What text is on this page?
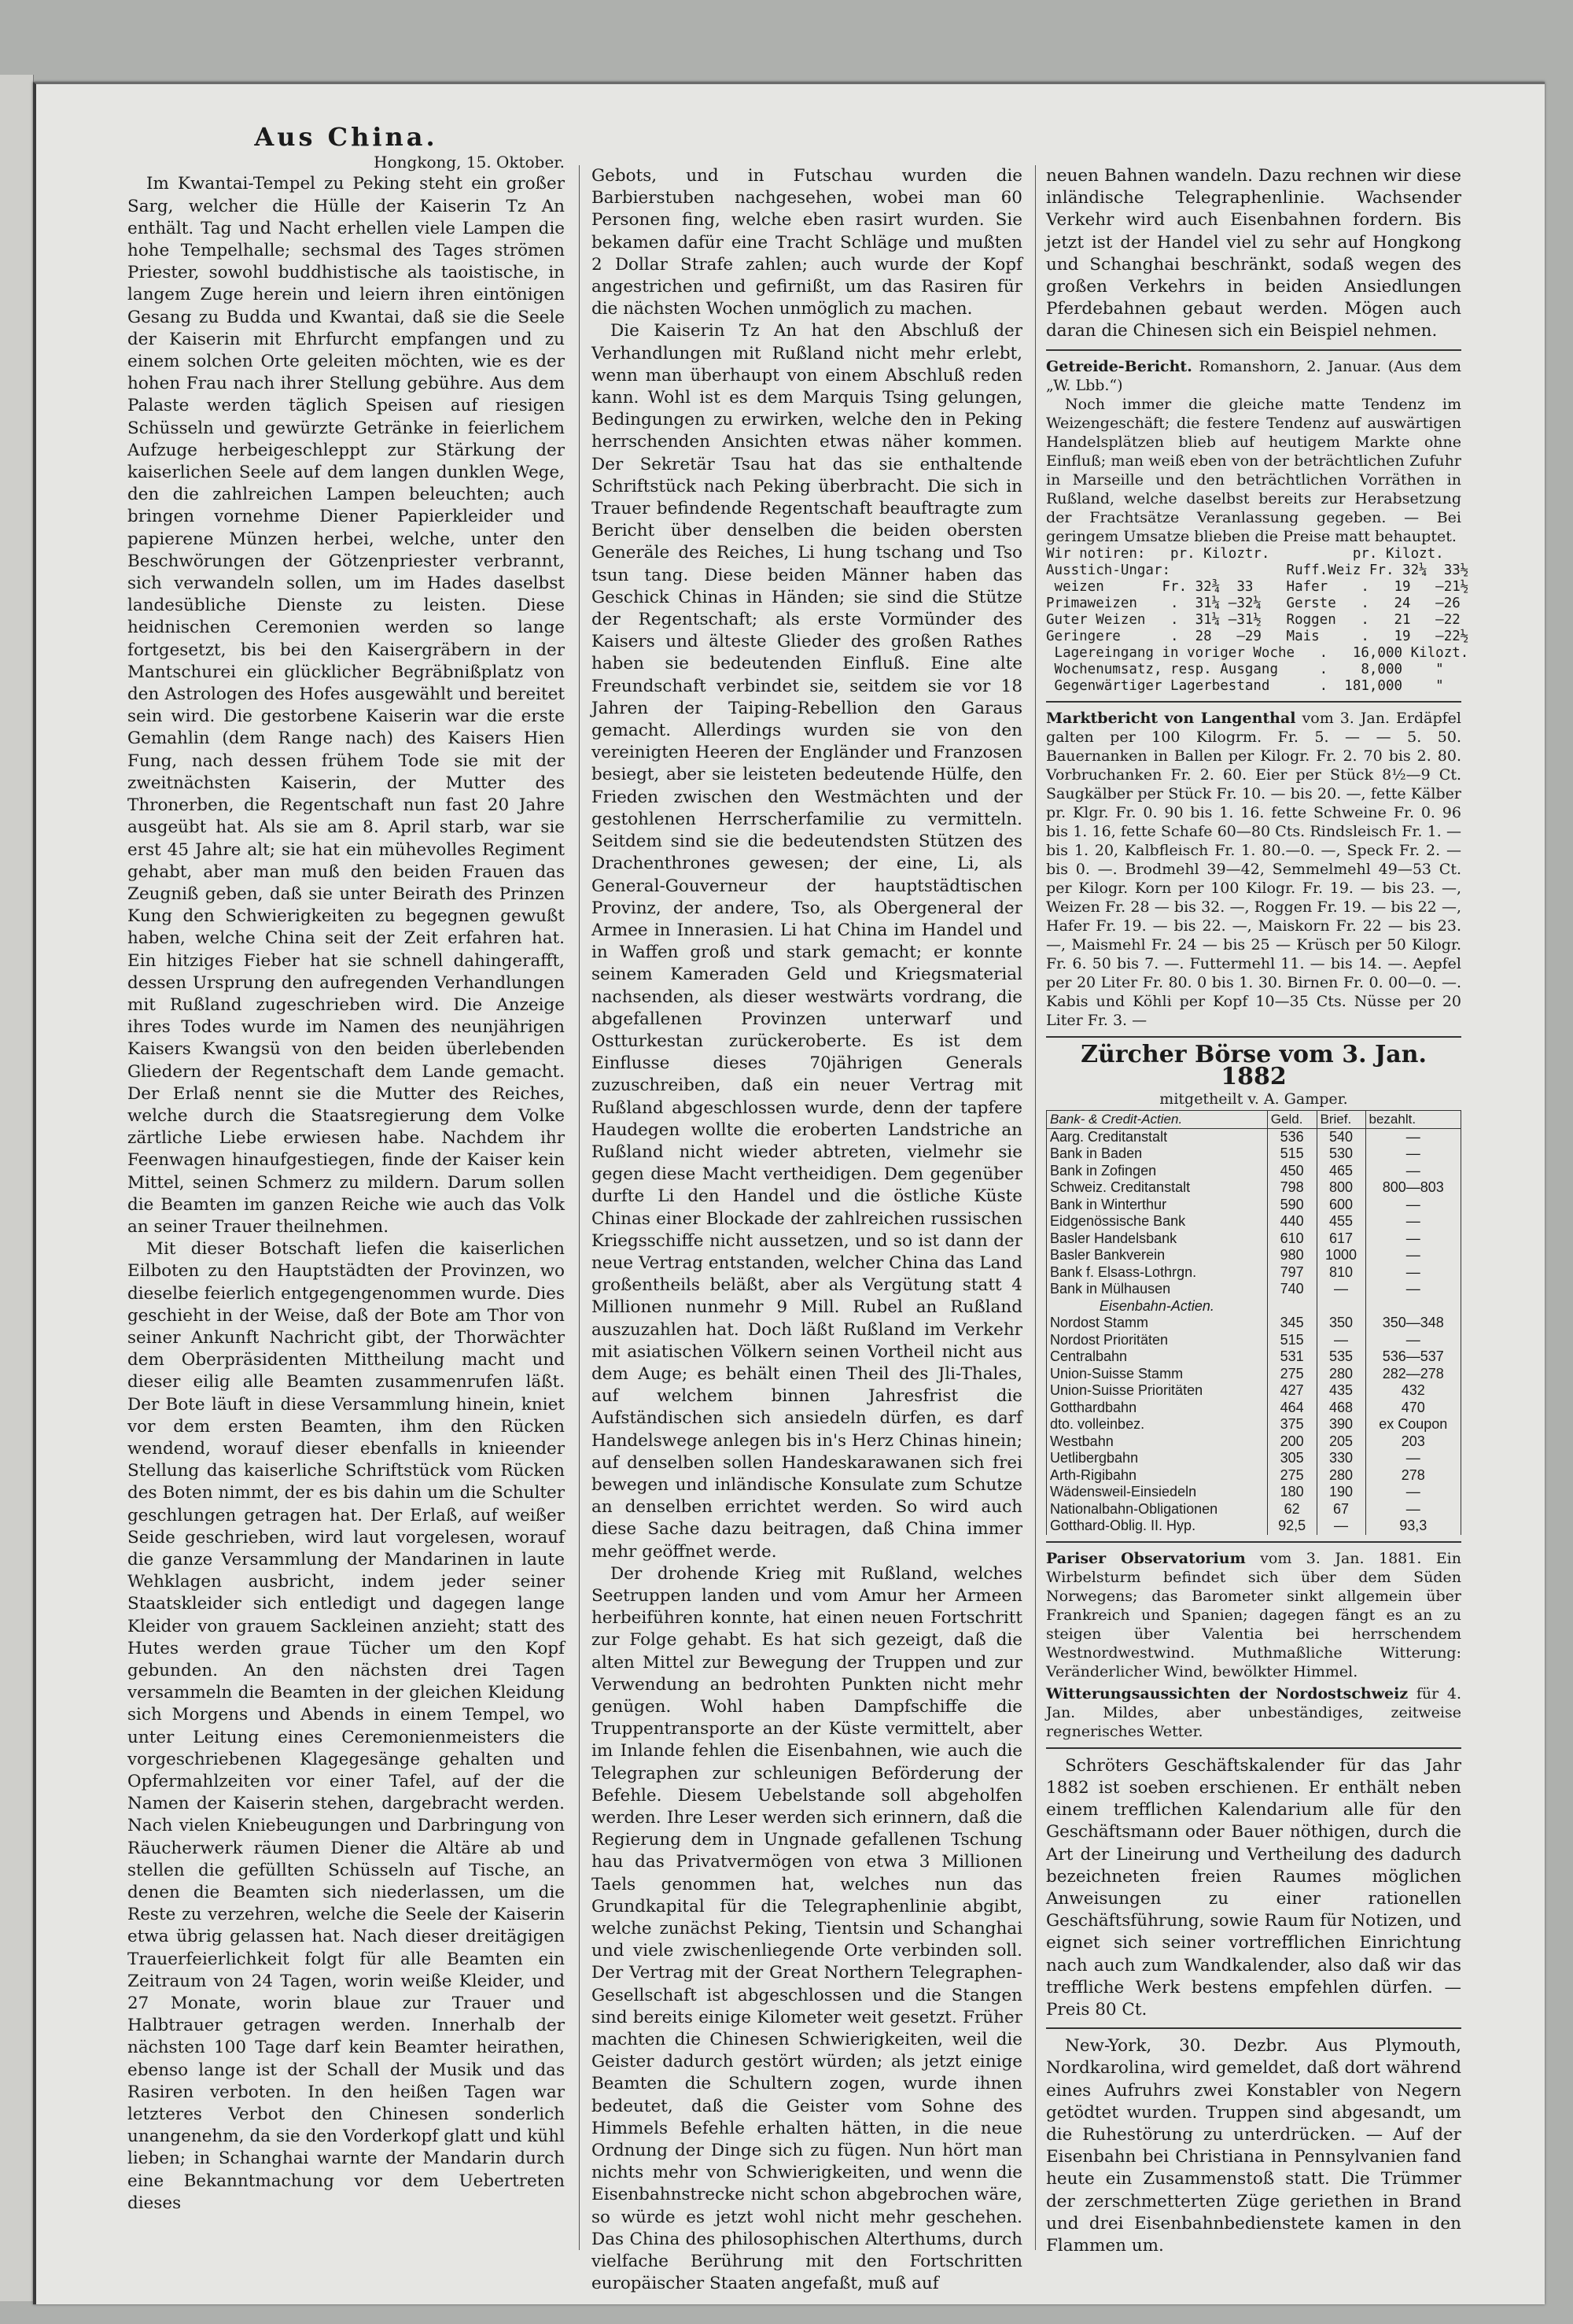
Aus China.
Hongkong, 15. Oktober.

Im Kwantai-Tempel zu Peking steht ein großer Sarg, welcher die Hülle der Kaiserin Tz An enthält. Tag und Nacht erhellen viele Lampen die hohe Tempelhalle; sechsmal des Tages strömen Priester, sowohl buddhistische als taoistische, in langem Zuge herein und leiern ihren eintönigen Gesang zu Budda und Kwantai, daß sie die Seele der Kaiserin mit Ehrfurcht empfangen und zu einem solchen Orte geleiten möchten, wie es der hohen Frau nach ihrer Stellung gebühre. Aus dem Palaste werden täglich Speisen auf riesigen Schüsseln und gewürzte Getränke in feierlichem Aufzuge herbeigeschleppt zur Stärkung der kaiserlichen Seele auf dem langen dunklen Wege, den die zahlreichen Lampen beleuchten; auch bringen vornehme Diener Papierkleider und papierene Münzen herbei, welche, unter den Beschwörungen der Götzenpriester verbrannt, sich verwandeln sollen, um im Hades daselbst landesübliche Dienste zu leisten. Diese heidnischen Ceremonien werden so lange fortgesetzt, bis bei den Kaisergräbern in der Mantschurei ein glücklicher Begräbnißplatz von den Astrologen des Hofes ausgewählt und bereitet sein wird. Die gestorbene Kaiserin war die erste Gemahlin (dem Range nach) des Kaisers Hien Fung, nach dessen frühem Tode sie mit der zweitnächsten Kaiserin, der Mutter des Thronerben, die Regentschaft nun fast 20 Jahre ausgeübt hat. Als sie am 8. April starb, war sie erst 45 Jahre alt; sie hat ein mühevolles Regiment gehabt, aber man muß den beiden Frauen das Zeugniß geben, daß sie unter Beirath des Prinzen Kung den Schwierigkeiten zu begegnen gewußt haben, welche China seit der Zeit erfahren hat. Ein hitziges Fieber hat sie schnell dahingerafft, dessen Ursprung den aufregenden Verhandlungen mit Rußland zugeschrieben wird. Die Anzeige ihres Todes wurde im Namen des neunjährigen Kaisers Kwangsü von den beiden überlebenden Gliedern der Regentschaft dem Lande gemacht. Der Erlaß nennt sie die Mutter des Reiches, welche durch die Staatsregierung dem Volke zärtliche Liebe erwiesen habe. Nachdem ihr Feenwagen hinaufgestiegen, finde der Kaiser kein Mittel, seinen Schmerz zu mildern. Darum sollen die Beamten im ganzen Reiche wie auch das Volk an seiner Trauer theilnehmen.

Mit dieser Botschaft liefen die kaiserlichen Eilboten zu den Hauptstädten der Provinzen, wo dieselbe feierlich entgegengenommen wurde. Dies geschieht in der Weise, daß der Bote am Thor von seiner Ankunft Nachricht gibt, der Thorwächter dem Oberpräsidenten Mittheilung macht und dieser eilig alle Beamten zusammenrufen läßt. Der Bote läuft in diese Versammlung hinein, kniet vor dem ersten Beamten, ihm den Rücken wendend, worauf dieser ebenfalls in knieender Stellung das kaiserliche Schriftstück vom Rücken des Boten nimmt, der es bis dahin um die Schulter geschlungen getragen hat. Der Erlaß, auf weißer Seide geschrieben, wird laut vorgelesen, worauf die ganze Versammlung der Mandarinen in laute Wehklagen ausbricht, indem jeder seiner Staatskleider sich entledigt und dagegen lange Kleider von grauem Sackleinen anzieht; statt des Hutes werden graue Tücher um den Kopf gebunden. An den nächsten drei Tagen versammeln die Beamten in der gleichen Kleidung sich Morgens und Abends in einem Tempel, wo unter Leitung eines Ceremonienmeisters die vorgeschriebenen Klagegesänge gehalten und Opfermahlzeiten vor einer Tafel, auf der die Namen der Kaiserin stehen, dargebracht werden. Nach vielen Kniebeugungen und Darbringung von Räucherwerk räumen Diener die Altäre ab und stellen die gefüllten Schüsseln auf Tische, an denen die Beamten sich niederlassen, um die Reste zu verzehren, welche die Seele der Kaiserin etwa übrig gelassen hat. Nach dieser dreitägigen Trauerfeierlichkeit folgt für alle Beamten ein Zeitraum von 24 Tagen, worin weiße Kleider, und 27 Monate, worin blaue zur Trauer und Halbtrauer getragen werden. Innerhalb der nächsten 100 Tage darf kein Beamter heirathen, ebenso lange ist der Schall der Musik und das Rasiren verboten. In den heißen Tagen war letzteres Verbot den Chinesen sonderlich unangenehm, da sie den Vorderkopf glatt und kühl lieben; in Schanghai warnte der Mandarin durch eine Bekanntmachung vor dem Uebertreten dieses

Gebots, und in Futschau wurden die Barbierstuben nachgesehen, wobei man 60 Personen fing, welche eben rasirt wurden. Sie bekamen dafür eine Tracht Schläge und mußten 2 Dollar Strafe zahlen; auch wurde der Kopf angestrichen und gefirnißt, um das Rasiren für die nächsten Wochen unmöglich zu machen.

Die Kaiserin Tz An hat den Abschluß der Verhandlungen mit Rußland nicht mehr erlebt, wenn man überhaupt von einem Abschluß reden kann. Wohl ist es dem Marquis Tsing gelungen, Bedingungen zu erwirken, welche den in Peking herrschenden Ansichten etwas näher kommen. Der Sekretär Tsau hat das sie enthaltende Schriftstück nach Peking überbracht. Die sich in Trauer befindende Regentschaft beauftragte zum Bericht über denselben die beiden obersten Generäle des Reiches, Li hung tschang und Tso tsun tang. Diese beiden Männer haben das Geschick Chinas in Händen; sie sind die Stütze der Regentschaft; als erste Vormünder des Kaisers und älteste Glieder des großen Rathes haben sie bedeutenden Einfluß. Eine alte Freundschaft verbindet sie, seitdem sie vor 18 Jahren der Taiping-Rebellion den Garaus gemacht. Allerdings wurden sie von den vereinigten Heeren der Engländer und Franzosen besiegt, aber sie leisteten bedeutende Hülfe, den Frieden zwischen den Westmächten und der gestohlenen Herrscherfamilie zu vermitteln. Seitdem sind sie die bedeutendsten Stützen des Drachenthrones gewesen; der eine, Li, als General-Gouverneur der hauptstädtischen Provinz, der andere, Tso, als Obergeneral der Armee in Innerasien. Li hat China im Handel und in Waffen groß und stark gemacht; er konnte seinem Kameraden Geld und Kriegsmaterial nachsenden, als dieser westwärts vordrang, die abgefallenen Provinzen unterwarf und Ostturkestan zurückeroberte. Es ist dem Einflusse dieses 70jährigen Generals zuzuschreiben, daß ein neuer Vertrag mit Rußland abgeschlossen wurde, denn der tapfere Haudegen wollte die eroberten Landstriche an Rußland nicht wieder abtreten, vielmehr sie gegen diese Macht vertheidigen. Dem gegenüber durfte Li den Handel und die östliche Küste Chinas einer Blockade der zahlreichen russischen Kriegsschiffe nicht aussetzen, und so ist dann der neue Vertrag entstanden, welcher China das Land großentheils beläßt, aber als Vergütung statt 4 Millionen nunmehr 9 Mill. Rubel an Rußland auszuzahlen hat. Doch läßt Rußland im Verkehr mit asiatischen Völkern seinen Vortheil nicht aus dem Auge; es behält einen Theil des Jli-Thales, auf welchem binnen Jahresfrist die Aufständischen sich ansiedeln dürfen, es darf Handelswege anlegen bis in's Herz Chinas hinein; auf denselben sollen Handeskarawanen sich frei bewegen und inländische Konsulate zum Schutze an denselben errichtet werden. So wird auch diese Sache dazu beitragen, daß China immer mehr geöffnet werde.

Der drohende Krieg mit Rußland, welches Seetruppen landen und vom Amur her Armeen herbeiführen konnte, hat einen neuen Fortschritt zur Folge gehabt. Es hat sich gezeigt, daß die alten Mittel zur Bewegung der Truppen und zur Verwendung an bedrohten Punkten nicht mehr genügen. Wohl haben Dampfschiffe die Truppentransporte an der Küste vermittelt, aber im Inlande fehlen die Eisenbahnen, wie auch die Telegraphen zur schleunigen Beförderung der Befehle. Diesem Uebelstande soll abgeholfen werden. Ihre Leser werden sich erinnern, daß die Regierung dem in Ungnade gefallenen Tschung hau das Privatvermögen von etwa 3 Millionen Taels genommen hat, welches nun das Grundkapital für die Telegraphenlinie abgibt, welche zunächst Peking, Tientsin und Schanghai und viele zwischenliegende Orte verbinden soll. Der Vertrag mit der Great Northern Telegraphen-Gesellschaft ist abgeschlossen und die Stangen sind bereits einige Kilometer weit gesetzt. Früher machten die Chinesen Schwierigkeiten, weil die Geister dadurch gestört würden; als jetzt einige Beamten die Schultern zogen, wurde ihnen bedeutet, daß die Geister vom Sohne des Himmels Befehle erhalten hätten, in die neue Ordnung der Dinge sich zu fügen. Nun hört man nichts mehr von Schwierigkeiten, und wenn die Eisenbahnstrecke nicht schon abgebrochen wäre, so würde es jetzt wohl nicht mehr geschehen. Das China des philosophischen Alterthums, durch vielfache Berührung mit den Fortschritten europäischer Staaten angefaßt, muß auf

neuen Bahnen wandeln. Dazu rechnen wir diese inländische Telegraphenlinie. Wachsender Verkehr wird auch Eisenbahnen fordern. Bis jetzt ist der Handel viel zu sehr auf Hongkong und Schanghai beschränkt, sodaß wegen des großen Verkehrs in beiden Ansiedlungen Pferdebahnen gebaut werden. Mögen auch daran die Chinesen sich ein Beispiel nehmen.

Getreide-Bericht. Romanshorn, 2. Januar. (Aus dem „W. Lbb.“)

Noch immer die gleiche matte Tendenz im Weizengeschäft; die festere Tendenz auf auswärtigen Handelsplätzen blieb auf heutigem Markte ohne Einfluß; man weiß eben von der beträchtlichen Zufuhr in Marseille und den beträchtlichen Vorräthen in Rußland, welche daselbst bereits zur Herabsetzung der Frachtsätze Veranlassung gegeben. — Bei geringem Umsatze blieben die Preise matt behauptet.

Wir notiren:   pr. Kiloztr.          pr. Kilozt.
Ausstich-Ungar:              Ruff.Weiz Fr. 32¼  33½
weizen       Fr. 32¾  33    Hafer    .   19   —21½
Primaweizen    .  31¼ —32¼   Gerste   .   24   —26
Guter Weizen   .  31¼ —31½   Roggen   .   21   —22
Geringere      .  28   —29   Mais     .   19   —22½
Lagereingang in voriger Woche   .   16,000 Kilozt.
Wochenumsatz, resp. Ausgang     .    8,000    "
Gegenwärtiger Lagerbestand      .  181,000    "
Marktbericht von Langenthal vom 3. Jan. Erdäpfel galten per 100 Kilogrm. Fr. 5. — — 5. 50. Bauernanken in Ballen per Kilogr. Fr. 2. 70 bis 2. 80. Vorbruchanken Fr. 2. 60. Eier per Stück 8½—9 Ct. Saugkälber per Stück Fr. 10. — bis 20. —, fette Kälber pr. Klgr. Fr. 0. 90 bis 1. 16. fette Schweine Fr. 0. 96 bis 1. 16, fette Schafe 60—80 Cts. Rindsleisch Fr. 1. — bis 1. 20, Kalbfleisch Fr. 1. 80.—0. —, Speck Fr. 2. — bis 0. —. Brodmehl 39—42, Semmelmehl 49—53 Ct. per Kilogr. Korn per 100 Kilogr. Fr. 19. — bis 23. —, Weizen Fr. 28 — bis 32. —, Roggen Fr. 19. — bis 22 —, Hafer Fr. 19. — bis 22. —, Maiskorn Fr. 22 — bis 23. —, Maismehl Fr. 24 — bis 25 — Krüsch per 50 Kilogr. Fr. 6. 50 bis 7. —. Futtermehl 11. — bis 14. —. Aepfel per 20 Liter Fr. 80. 0 bis 1. 30. Birnen Fr. 0. 00—0. —. Kabis und Köhli per Kopf 10—35 Cts. Nüsse per 20 Liter Fr. 3. —
Zürcher Börse vom 3. Jan. 1882
mitgetheilt v. A. Gamper.
Bank- & Credit-Actien.	Geld.	Brief.	bezahlt.
Aarg. Creditanstalt	536	540	—
Bank in Baden	515	530	—
Bank in Zofingen	450	465	—
Schweiz. Creditanstalt	798	800	800—803
Bank in Winterthur	590	600	—
Eidgenössische Bank	440	455	—
Basler Handelsbank	610	617	—
Basler Bankverein	980	1000	—
Bank f. Elsass-Lothrgn.	797	810	—
Bank in Mülhausen	740	—	—
Eisenbahn-Actien.			
Nordost Stamm	345	350	350—348
Nordost Prioritäten	515	—	—
Centralbahn	531	535	536—537
Union-Suisse Stamm	275	280	282—278
Union-Suisse Prioritäten	427	435	432
Gotthardbahn	464	468	470
dto. volleinbez.	375	390	ex Coupon
Westbahn	200	205	203
Uetlibergbahn	305	330	—
Arth-Rigibahn	275	280	278
Wädensweil-Einsiedeln	180	190	—
Nationalbahn-Obligationen	62	67	—
Gotthard-Oblig. II. Hyp.	92,5	—	93,3
Pariser Observatorium vom 3. Jan. 1881. Ein Wirbelsturm befindet sich über dem Süden Norwegens; das Barometer sinkt allgemein über Frankreich und Spanien; dagegen fängt es an zu steigen über Valentia bei herrschendem Westnordwestwind. Muthmaßliche Witterung: Veränderlicher Wind, bewölkter Himmel.
Witterungsaussichten der Nordostschweiz für 4. Jan. Mildes, aber unbeständiges, zeitweise regnerisches Wetter.

Schröters Geschäftskalender für das Jahr 1882 ist soeben erschienen. Er enthält neben einem trefflichen Kalendarium alle für den Geschäftsmann oder Bauer nöthigen, durch die Art der Lineirung und Vertheilung des dadurch bezeichneten freien Raumes möglichen Anweisungen zu einer rationellen Geschäftsführung, sowie Raum für Notizen, und eignet sich seiner vortrefflichen Einrichtung nach auch zum Wandkalender, also daß wir das treffliche Werk bestens empfehlen dürfen. — Preis 80 Ct.

New-York, 30. Dezbr. Aus Plymouth, Nordkarolina, wird gemeldet, daß dort während eines Aufruhrs zwei Konstabler von Negern getödtet wurden. Truppen sind abgesandt, um die Ruhestörung zu unterdrücken. — Auf der Eisenbahn bei Christiana in Pennsylvanien fand heute ein Zusammenstoß statt. Die Trümmer der zerschmetterten Züge geriethen in Brand und drei Eisenbahnbedienstete kamen in den Flammen um.
